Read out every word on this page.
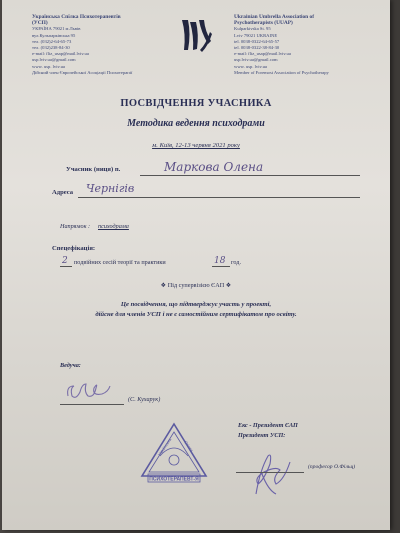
Українська Спілка Психотерапевтів
(УСП)
УКРАЇНА 79021 м.Львів
вул.Кульпарківська 95
тел. (032)2-64-65-73
тел. (032)238-84-30
e-mail: fliz_usap@mail.lviv.ua
usp.lviv.ua@gmail.com
www. usp. lviv.ua
Дійсний член Європейської Асоціації Психотерапії
Ukrainian Umbrella Association of
Psychotherapists (UUAP)
Kulparkivska St. 95
Lviv 79021 UKRAINE
tel. 0038-0322-64-65-57
tel. 0038-0322-38-84-30
e-mail: fliz_usap@mail.lviv.ua
usp.lviv.ua@gmail.com
www. usp. lviv.ua
Member of Foremost Association of Psychotherapy
ПОСВІДЧЕННЯ УЧАСНИКА
Методика ведення психодрами
м. Київ, 12-13 червня 2021 року
Учасник (ниця) п.	Маркова Олена
Адреса Чернігів
Напрямок : психодрама
Спецефікація:
2 подвійних сесій теорії та практики	18 год.
❖ Під супервізією ЄАП ❖
Це посвідчення, що підтверджує участь у проекті,
дійсне для членів УСП і не є самостійним сертифікатом про освіту.
Ведуча:
(С. Кухарук)
ПСИХОТЕРАПЕВТ-Я
Українська	Спілка
Екс - Президент ЄАП
Президент УСП:
(професор О.Фільц)
